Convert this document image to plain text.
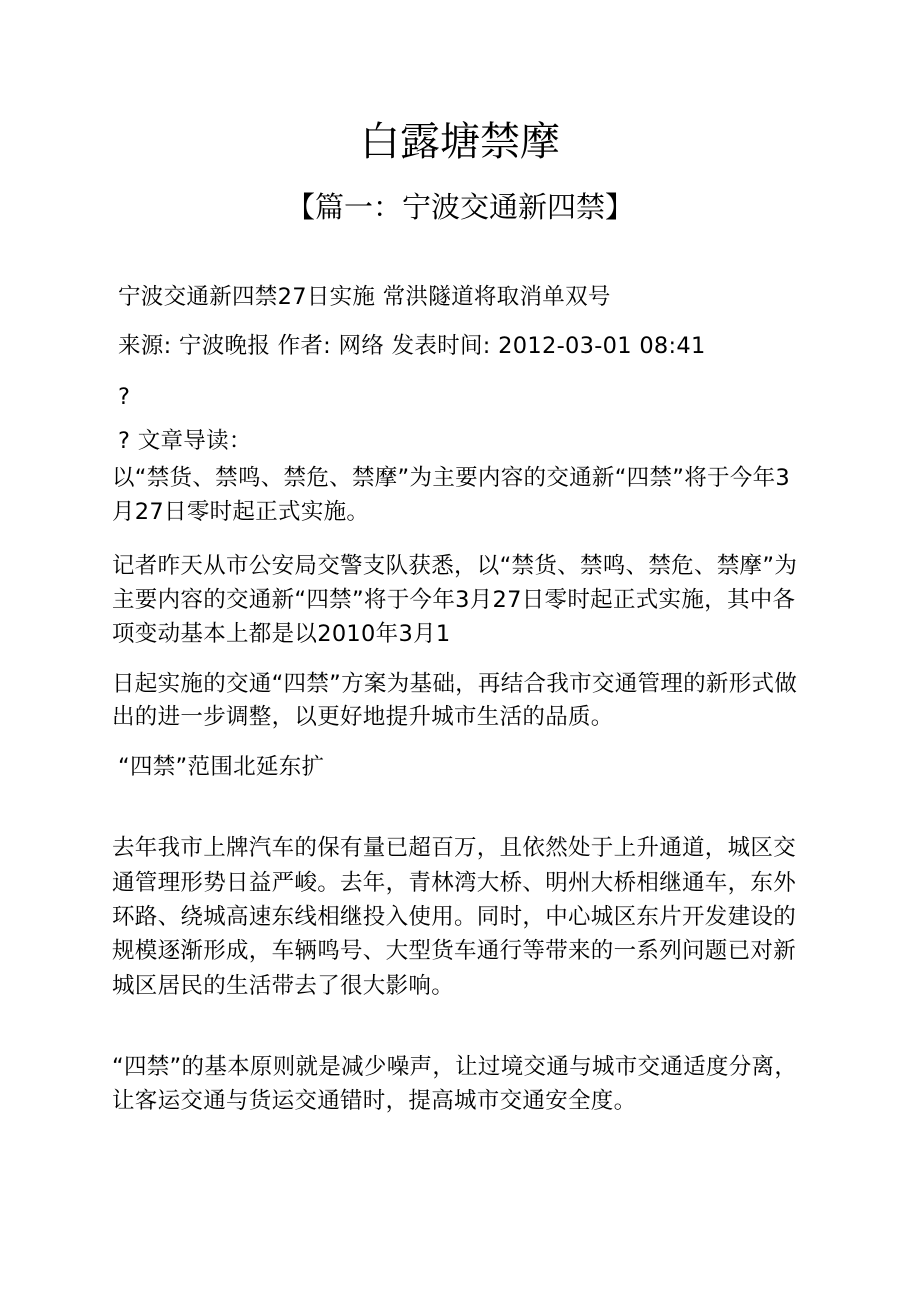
白露塘禁摩
【篇一：宁波交通新四禁】
宁波交通新四禁27日实施 常洪隧道将取消单双号
来源: 宁波晚报 作者: 网络 发表时间: 2012-03-01 08:41
?
? 文章导读：
以“禁货、禁鸣、禁危、禁摩”为主要内容的交通新“四禁”将于今年3
月27日零时起正式实施。
记者昨天从市公安局交警支队获悉，以“禁货、禁鸣、禁危、禁摩”为
主要内容的交通新“四禁”将于今年3月27日零时起正式实施，其中各
项变动基本上都是以2010年3月1
日起实施的交通“四禁”方案为基础，再结合我市交通管理的新形式做
出的进一步调整，以更好地提升城市生活的品质。
“四禁”范围北延东扩
去年我市上牌汽车的保有量已超百万，且依然处于上升通道，城区交
通管理形势日益严峻。去年，青林湾大桥、明州大桥相继通车，东外
环路、绕城高速东线相继投入使用。同时，中心城区东片开发建设的
规模逐渐形成，车辆鸣号、大型货车通行等带来的一系列问题已对新
城区居民的生活带去了很大影响。
“四禁”的基本原则就是减少噪声，让过境交通与城市交通适度分离，
让客运交通与货运交通错时，提高城市交通安全度。
